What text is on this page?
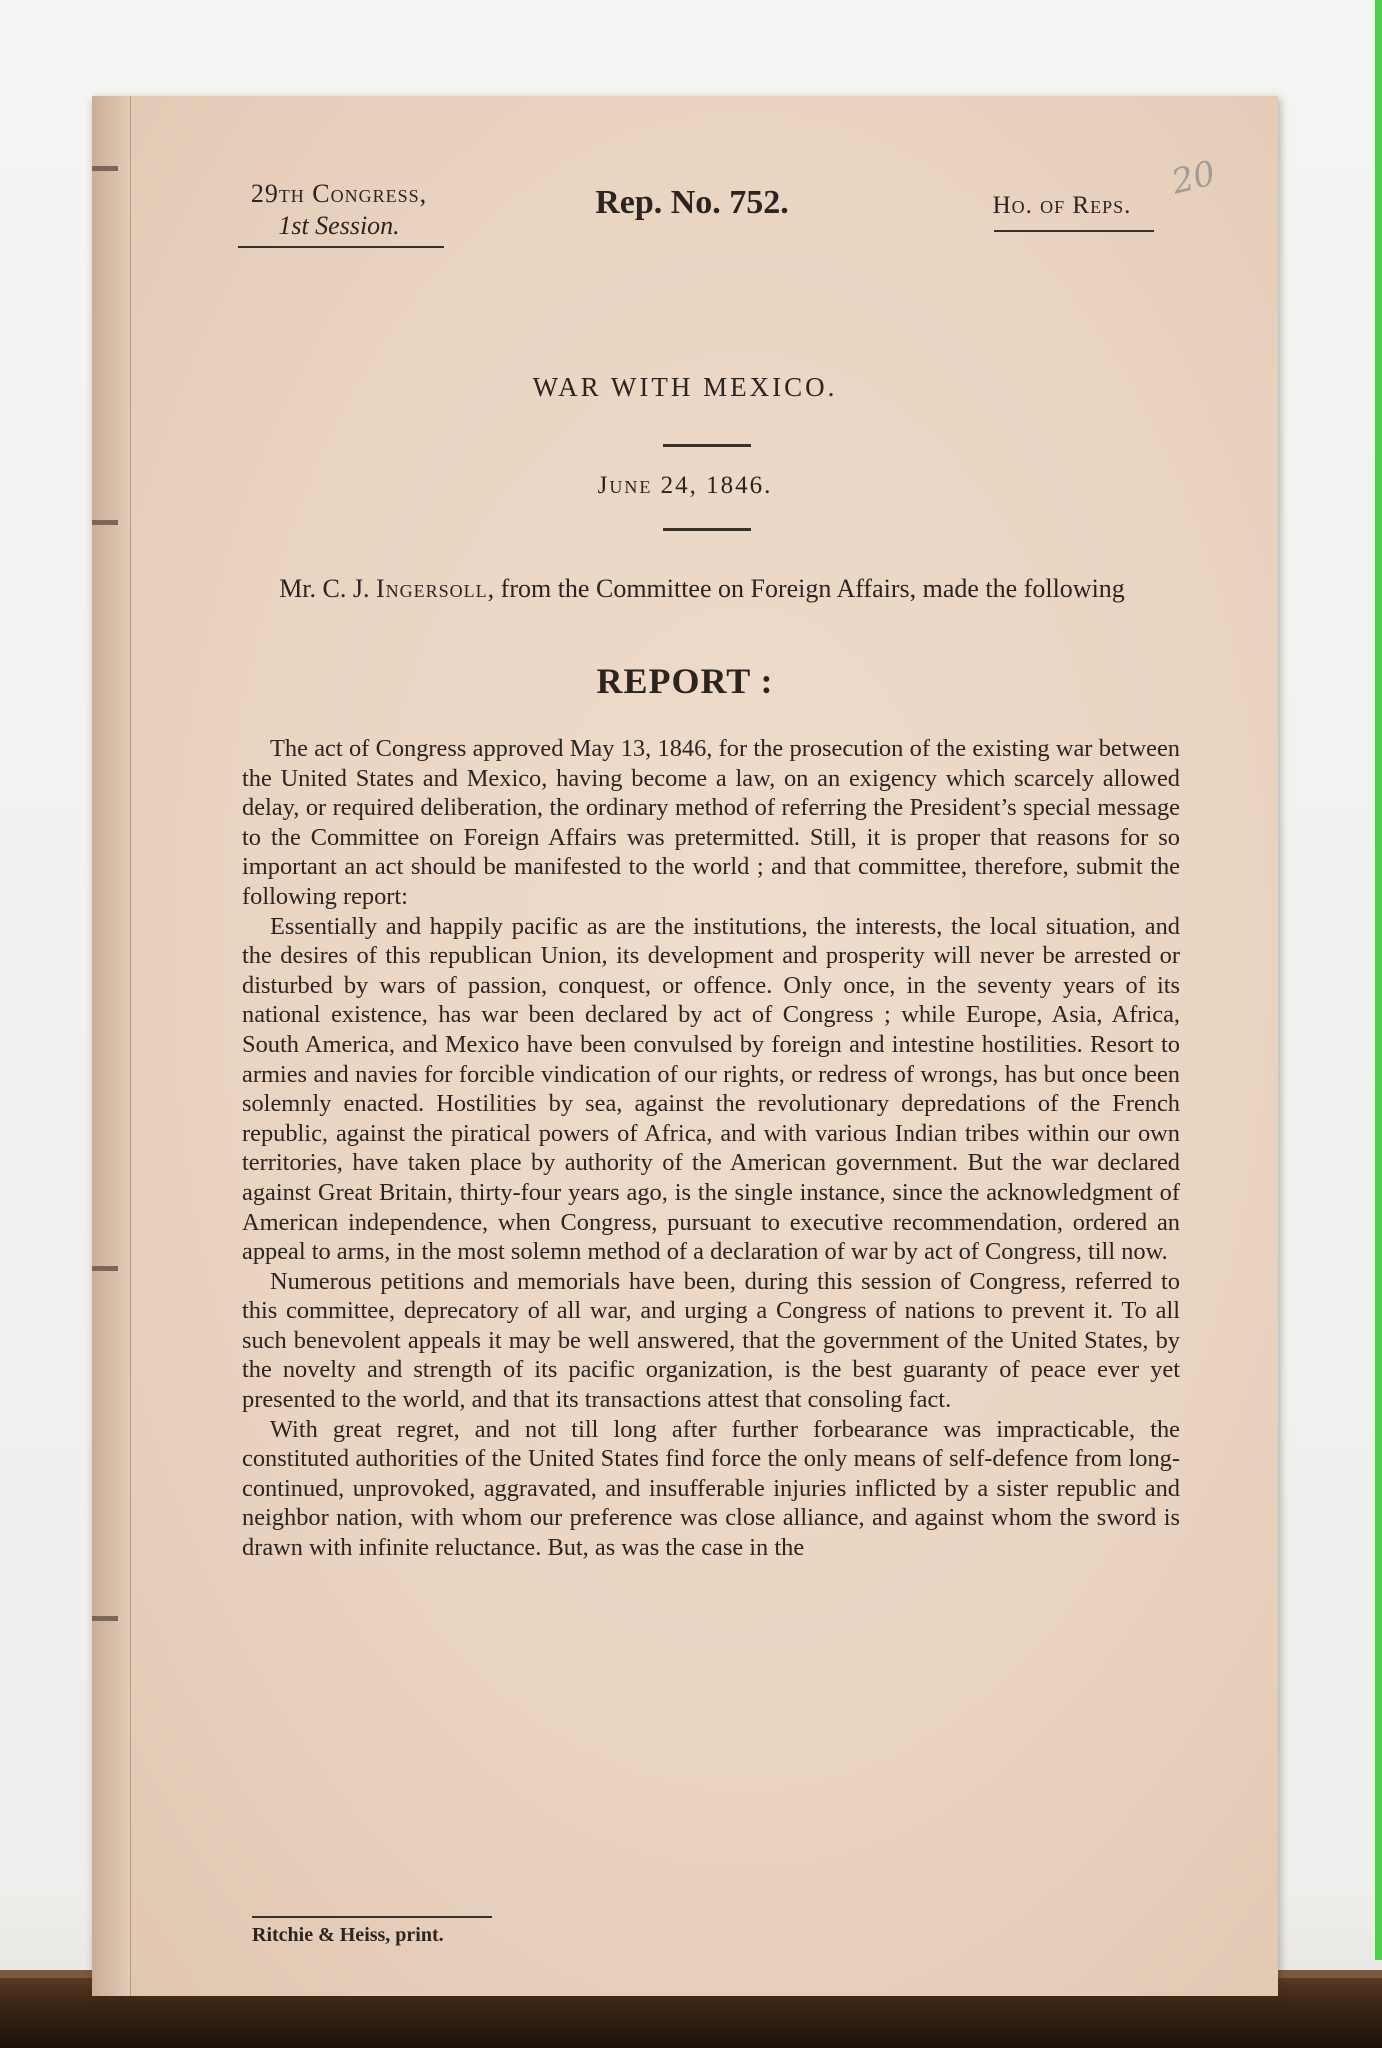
29th Congress,
1st Session.
Rep. No. 752.	Ho. of Reps.
20
WAR WITH MEXICO.
June 24, 1846.
Mr. C. J. Ingersoll, from the Committee on Foreign Affairs, made the following
REPORT :

The act of Congress approved May 13, 1846, for the prosecution of the existing war between the United States and Mexico, having become a law, on an exigency which scarcely allowed delay, or required deliberation, the ordinary method of referring the President’s special message to the Committee on Foreign Affairs was pretermitted. Still, it is proper that reasons for so important an act should be manifested to the world ; and that committee, therefore, submit the following report:

Essentially and happily pacific as are the institutions, the interests, the local situation, and the desires of this republican Union, its development and prosperity will never be arrested or disturbed by wars of passion, conquest, or offence. Only once, in the seventy years of its national existence, has war been declared by act of Congress ; while Europe, Asia, Africa, South America, and Mexico have been convulsed by foreign and intestine hostilities. Resort to armies and navies for forcible vindication of our rights, or redress of wrongs, has but once been solemnly enacted. Hostilities by sea, against the revolutionary depredations of the French republic, against the piratical powers of Africa, and with various Indian tribes within our own territories, have taken place by authority of the American government. But the war declared against Great Britain, thirty-four years ago, is the single instance, since the acknowledgment of American independence, when Congress, pursuant to executive recommendation, ordered an appeal to arms, in the most solemn method of a declaration of war by act of Congress, till now.

Numerous petitions and memorials have been, during this session of Congress, referred to this committee, deprecatory of all war, and urging a Congress of nations to prevent it. To all such benevolent appeals it may be well answered, that the government of the United States, by the novelty and strength of its pacific organization, is the best guaranty of peace ever yet presented to the world, and that its transactions attest that consoling fact.

With great regret, and not till long after further forbearance was impracticable, the constituted authorities of the United States find force the only means of self-defence from long-continued, unprovoked, aggravated, and insufferable injuries inflicted by a sister republic and neighbor nation, with whom our preference was close alliance, and against whom the sword is drawn with infinite reluctance. But, as was the case in the

Ritchie & Heiss, print.
